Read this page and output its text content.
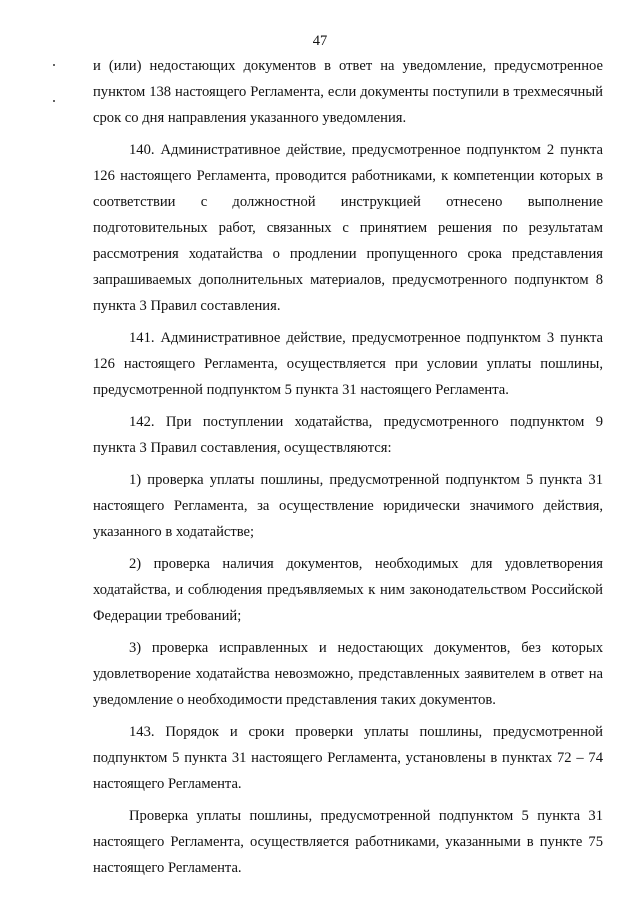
47

и (или) недостающих документов в ответ на уведомление, предусмотренное пунктом 138 настоящего Регламента, если документы поступили в трехмесячный срок со дня направления указанного уведомления.

140. Административное действие, предусмотренное подпунктом 2 пункта 126 настоящего Регламента, проводится работниками, к компетенции которых в соответствии с должностной инструкцией отнесено выполнение подготовительных работ, связанных с принятием решения по результатам рассмотрения ходатайства о продлении пропущенного срока представления запрашиваемых дополнительных материалов, предусмотренного подпунктом 8 пункта 3 Правил составления.

141. Административное действие, предусмотренное подпунктом 3 пункта 126 настоящего Регламента, осуществляется при условии уплаты пошлины, предусмотренной подпунктом 5 пункта 31 настоящего Регламента.

142. При поступлении ходатайства, предусмотренного подпунктом 9 пункта 3 Правил составления, осуществляются:

1) проверка уплаты пошлины, предусмотренной подпунктом 5 пункта 31 настоящего Регламента, за осуществление юридически значимого действия, указанного в ходатайстве;

2) проверка наличия документов, необходимых для удовлетворения ходатайства, и соблюдения предъявляемых к ним законодательством Российской Федерации требований;

3) проверка исправленных и недостающих документов, без которых удовлетворение ходатайства невозможно, представленных заявителем в ответ на уведомление о необходимости представления таких документов.

143. Порядок и сроки проверки уплаты пошлины, предусмотренной подпунктом 5 пункта 31 настоящего Регламента, установлены в пунктах 72 – 74 настоящего Регламента.

Проверка уплаты пошлины, предусмотренной подпунктом 5 пункта 31 настоящего Регламента, осуществляется работниками, указанными в пункте 75 настоящего Регламента.
